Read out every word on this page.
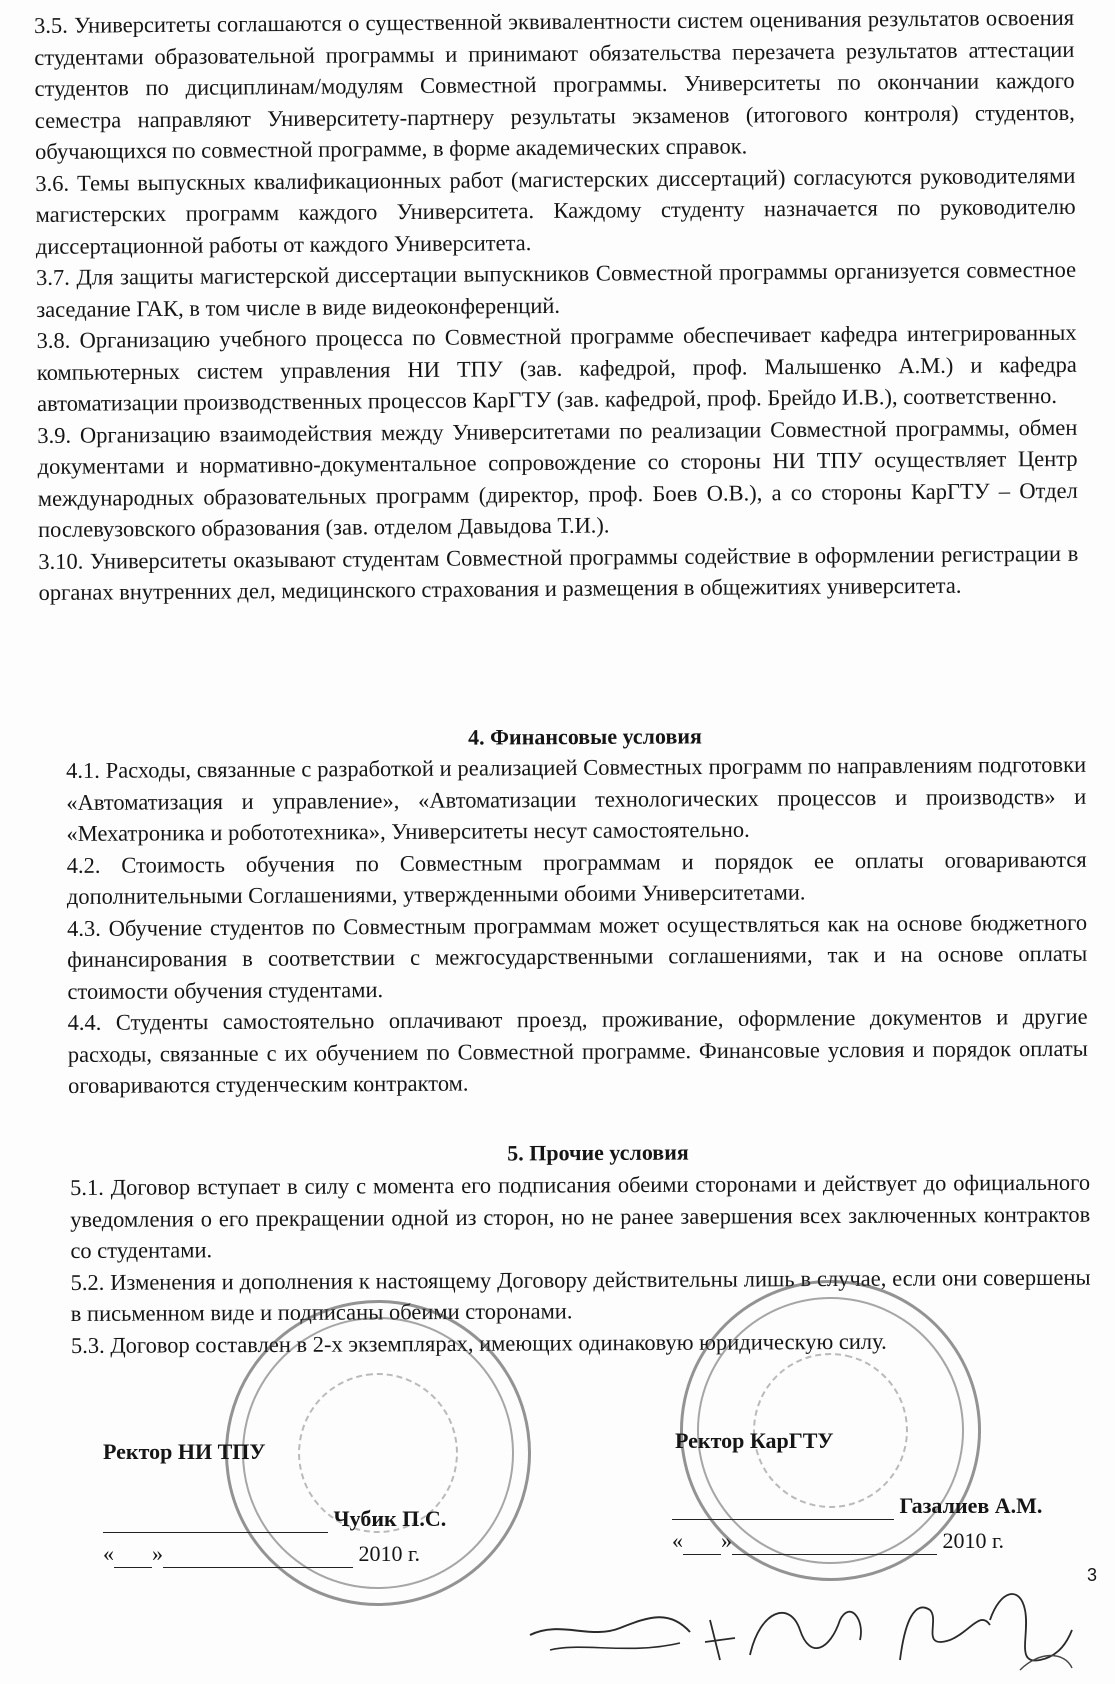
3.5. Университеты соглашаются о существенной эквивалентности систем оценивания результатов освоения студентами образовательной программы и принимают обязательства перезачета результатов аттестации студентов по дисциплинам/модулям Совместной программы. Университеты по окончании каждого семестра направляют Университету-партнеру результаты экзаменов (итогового контроля) студентов, обучающихся по совместной программе, в форме академических справок.

3.6. Темы выпускных квалификационных работ (магистерских диссертаций) согласуются руководителями магистерских программ каждого Университета. Каждому студенту назначается по руководителю диссертационной работы от каждого Университета.

3.7. Для защиты магистерской диссертации выпускников Совместной программы организуется совместное заседание ГАК, в том числе в виде видеоконференций.

3.8. Организацию учебного процесса по Совместной программе обеспечивает кафедра интегрированных компьютерных систем управления НИ ТПУ (зав. кафедрой, проф. Малышенко А.М.) и кафедра автоматизации производственных процессов КарГТУ (зав. кафедрой, проф. Брейдо И.В.), соответственно.

3.9. Организацию взаимодействия между Университетами по реализации Совместной программы, обмен документами и нормативно-документальное сопровождение со стороны НИ ТПУ осуществляет Центр международных образовательных программ (директор, проф. Боев О.В.), а со стороны КарГТУ – Отдел послевузовского образования (зав. отделом Давыдова Т.И.).

3.10. Университеты оказывают студентам Совместной программы содействие в оформлении регистрации в органах внутренних дел, медицинского страхования и размещения в общежитиях университета.

4. Финансовые условия

4.1. Расходы, связанные с разработкой и реализацией Совместных программ по направлениям подготовки «Автоматизация и управление», «Автоматизации технологических процессов и производств» и «Мехатроника и робототехника», Университеты несут самостоятельно.

4.2. Стоимость обучения по Совместным программам и порядок ее оплаты оговариваются дополнительными Соглашениями, утвержденными обоими Университетами.

4.3. Обучение студентов по Совместным программам может осуществляться как на основе бюджетного финансирования в соответствии с межгосударственными соглашениями, так и на основе оплаты стоимости обучения студентами.

4.4. Студенты самостоятельно оплачивают проезд, проживание, оформление документов и другие расходы, связанные с их обучением по Совместной программе. Финансовые условия и порядок оплаты оговариваются студенческим контрактом.

5. Прочие условия

5.1. Договор вступает в силу с момента его подписания обеими сторонами и действует до официального уведомления о его прекращении одной из сторон, но не ранее завершения всех заключенных контрактов со студентами.

5.2. Изменения и дополнения к настоящему Договору действительны лишь в случае, если они совершены в письменном виде и подписаны обеими сторонами.

5.3. Договор составлен в 2-х экземплярах, имеющих одинаковую юридическую силу.

Ректор НИ ТПУ
Чубик П.С.
« »	2010 г.
Ректор КарГТУ
Газалиев А.М.
« »	2010 г.
3
